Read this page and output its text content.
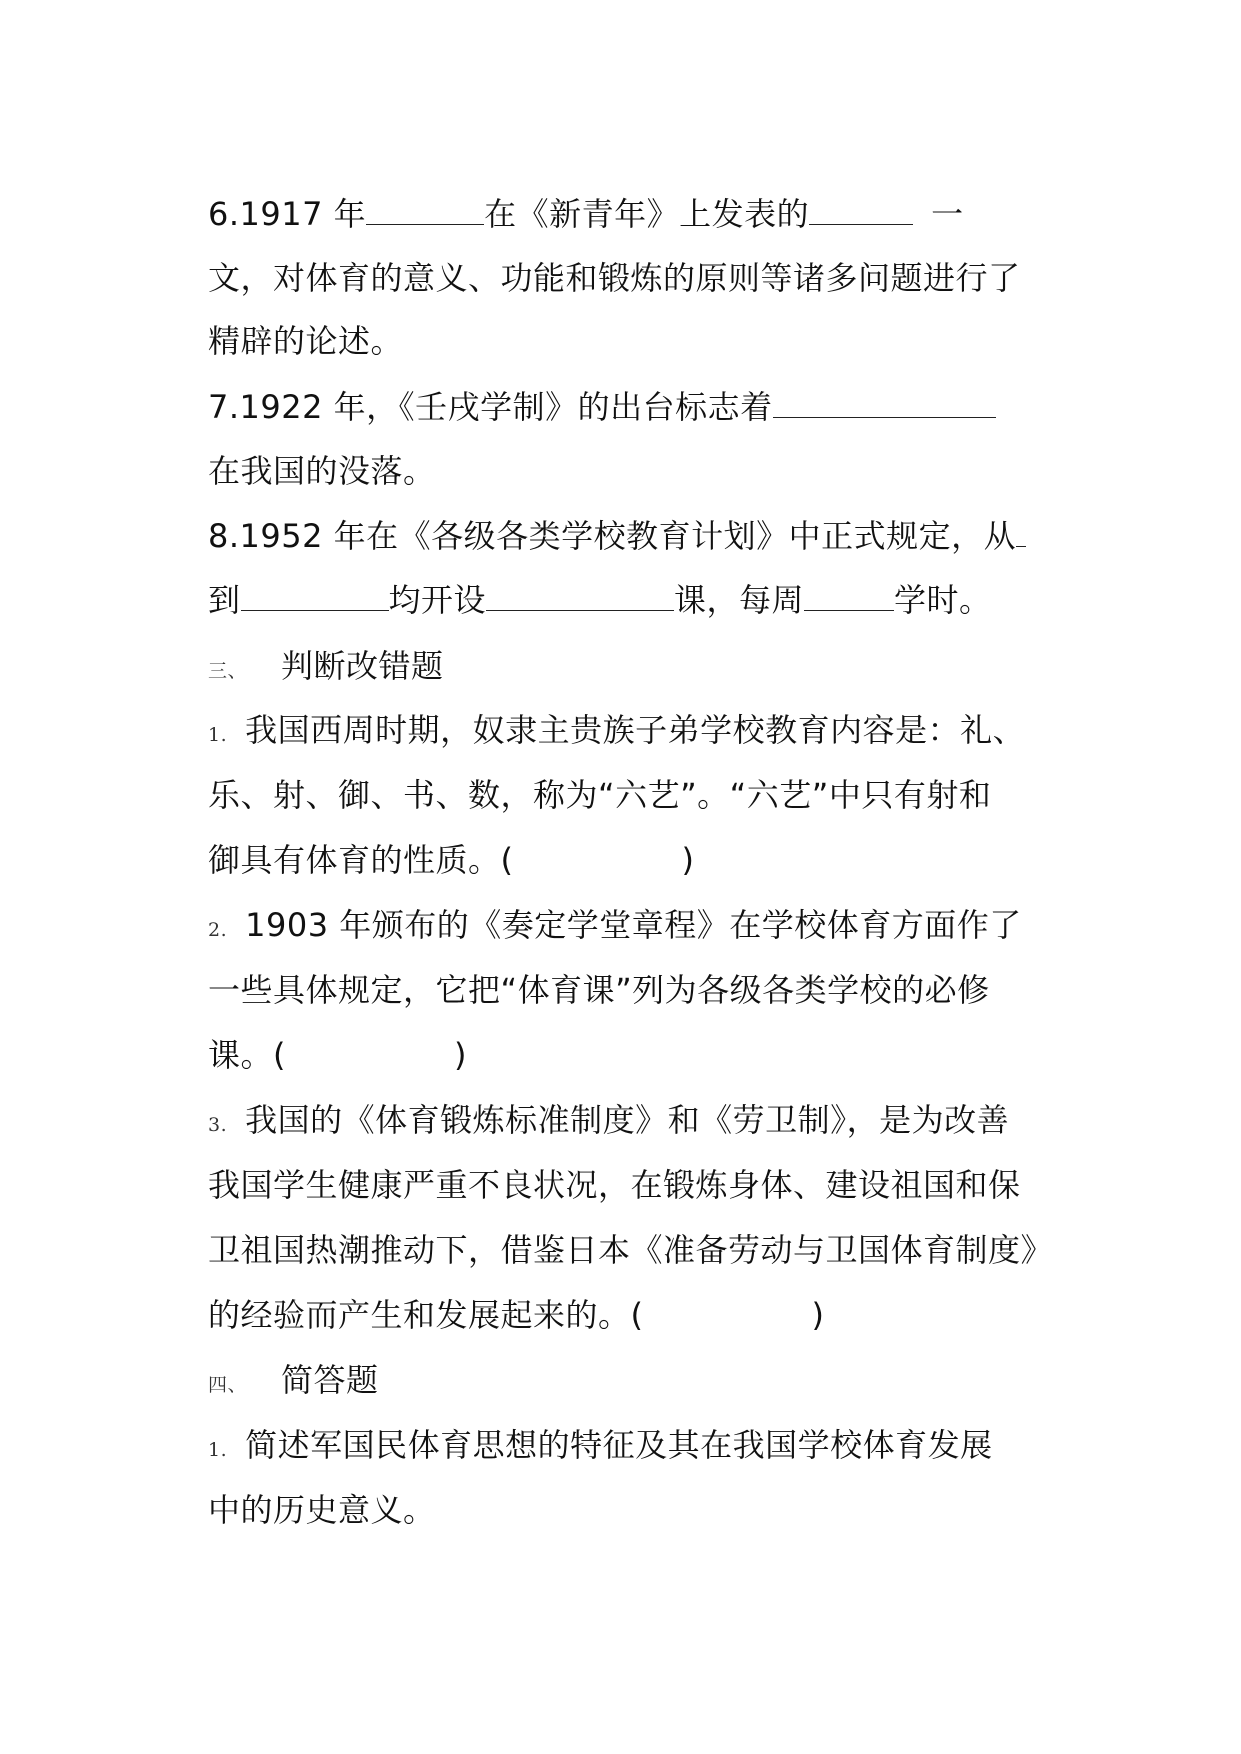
6.1917 年	在《新青年》上发表的	一
文，对体育的意义、功能和锻炼的原则等诸多问题进行了
精辟的论述。
7.1922 年，《壬戌学制》的出台标志着
在我国的没落。
8.1952 年在《各级各类学校教育计划》中正式规定，从
到	均开设	课，每周	学时。
三、 判断改错题
1. 我国西周时期，奴隶主贵族子弟学校教育内容是：礼、
乐、射、御、书、数，称为“六艺”。“六艺”中只有射和
御具有体育的性质。(	)
2. 1903 年颁布的《奏定学堂章程》在学校体育方面作了
一些具体规定，它把“体育课”列为各级各类学校的必修
课。(	)
3. 我国的《体育锻炼标准制度》和《劳卫制》，是为改善
我国学生健康严重不良状况，在锻炼身体、建设祖国和保
卫祖国热潮推动下，借鉴日本《准备劳动与卫国体育制度》
的经验而产生和发展起来的。(	)
四、 简答题
1. 简述军国民体育思想的特征及其在我国学校体育发展
中的历史意义。
